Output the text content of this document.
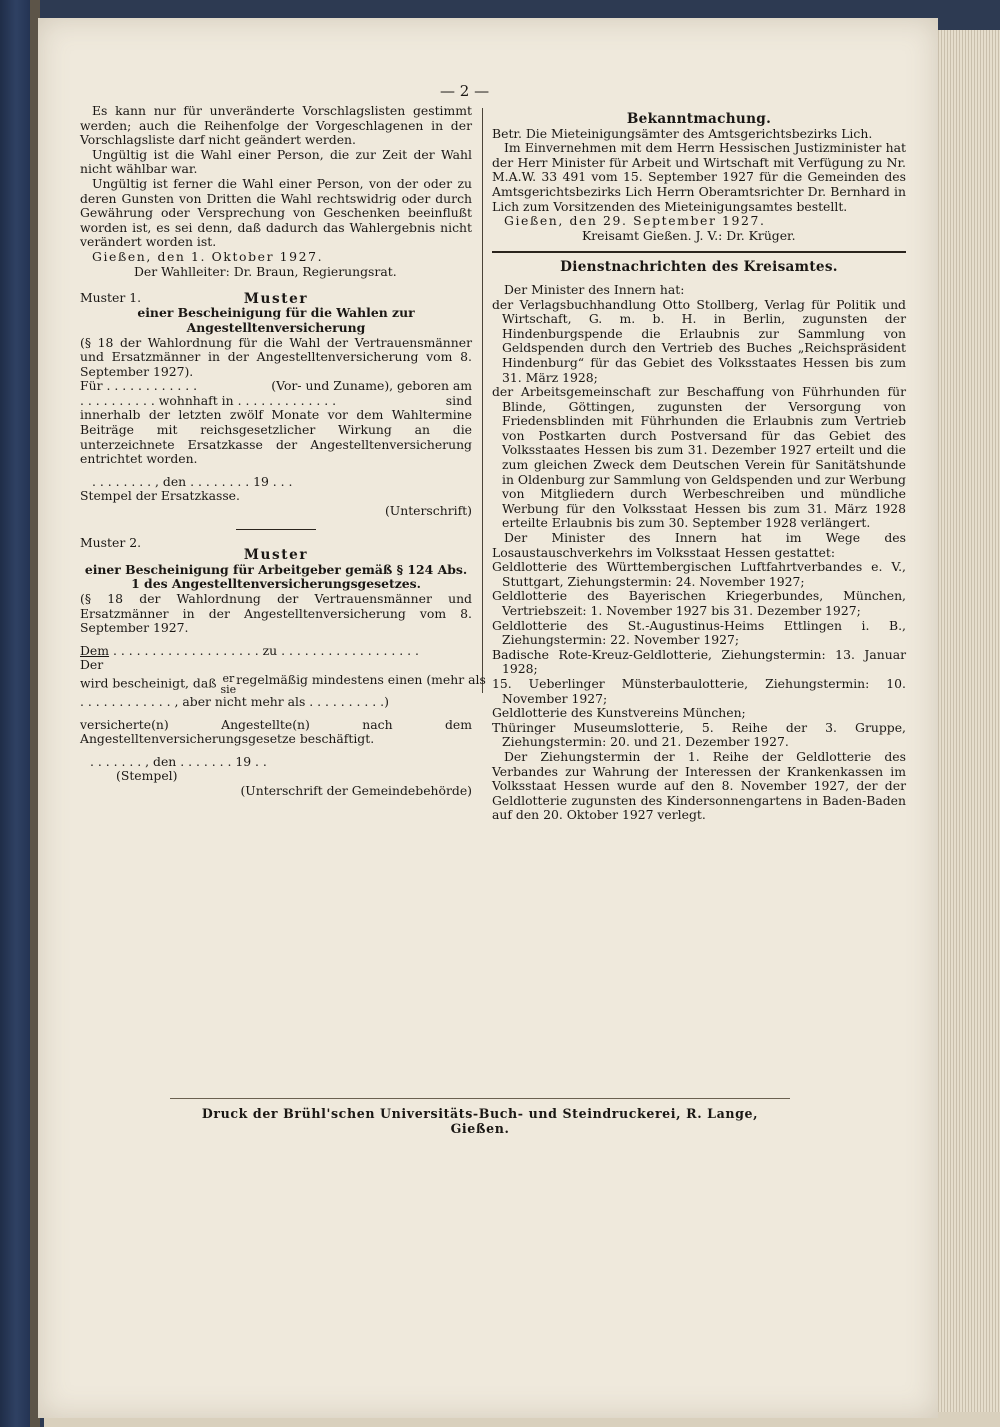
— 2 —

Es kann nur für unveränderte Vorschlagslisten gestimmt werden; auch die Reihenfolge der Vorgeschlagenen in der Vorschlagsliste darf nicht geändert werden.

Ungültig ist die Wahl einer Person, die zur Zeit der Wahl nicht wählbar war.

Ungültig ist ferner die Wahl einer Person, von der oder zu deren Gunsten von Dritten die Wahl rechtswidrig oder durch Gewährung oder Versprechung von Geschenken beeinflußt worden ist, es sei denn, daß dadurch das Wahlergebnis nicht verändert worden ist.

Gießen, den 1. Oktober 1927.

Der Wahlleiter: Dr. Braun, Regierungsrat.

Muster 1.	Muster

einer Bescheinigung für die Wahlen zur Angestelltenversicherung

(§ 18 der Wahlordnung für die Wahl der Vertrauensmänner und Ersatzmänner in der Angestelltenversicherung vom 8. September 1927).

Für . . . . . . . . . . . .	(Vor- und Zuname), geboren am
. . . . . . . . . . wohnhaft in . . . . . . . . . . . . .	sind

innerhalb der letzten zwölf Monate vor dem Wahltermine Beiträge mit reichsgesetzlicher Wirkung an die unterzeichnete Ersatzkasse der Angestelltenversicherung entrichtet worden.

. . . . . . . . , den . . . . . . . . 19 . . .

Stempel der Ersatzkasse.

(Unterschrift)

Muster 2.

Muster

einer Bescheinigung für Arbeitgeber gemäß § 124 Abs. 1 des Angestelltenversicherungsgesetzes.

(§ 18 der Wahlordnung der Vertrauensmänner und Ersatzmänner in der Angestelltenversicherung vom 8. September 1927.

Dem . . . . . . . . . . . . . . . . . . . zu . . . . . . . . . . . . . . . . . .

Der

wird bescheinigt, daß er
sie
regelmäßig mindestens einen (mehr als
. . . . . . . . . . . . , aber nicht mehr als . . . . . . . . . .)

versicherte(n) Angestellte(n) nach dem Angestelltenversicherungsgesetze beschäftigt.

. . . . . . . , den . . . . . . . 19 . .

(Stempel)

(Unterschrift der Gemeindebehörde)

Bekanntmachung.

Betr. Die Mieteinigungsämter des Amtsgerichtsbezirks Lich.

Im Einvernehmen mit dem Herrn Hessischen Justizminister hat der Herr Minister für Arbeit und Wirtschaft mit Verfügung zu Nr. M.A.W. 33 491 vom 15. September 1927 für die Gemeinden des Amtsgerichtsbezirks Lich Herrn Oberamtsrichter Dr. Bernhard in Lich zum Vorsitzenden des Mieteinigungsamtes bestellt.

Gießen, den 29. September 1927.

Kreisamt Gießen. J. V.: Dr. Krüger.

Dienstnachrichten des Kreisamtes.

Der Minister des Innern hat:

der Verlagsbuchhandlung Otto Stollberg, Verlag für Politik und Wirtschaft, G. m. b. H. in Berlin, zugunsten der Hindenburgspende die Erlaubnis zur Sammlung von Geldspenden durch den Vertrieb des Buches „Reichspräsident Hindenburg“ für das Gebiet des Volksstaates Hessen bis zum 31. März 1928;

der Arbeitsgemeinschaft zur Beschaffung von Führhunden für Blinde, Göttingen, zugunsten der Versorgung von Friedensblinden mit Führhunden die Erlaubnis zum Vertrieb von Postkarten durch Postversand für das Gebiet des Volksstaates Hessen bis zum 31. Dezember 1927 erteilt und die zum gleichen Zweck dem Deutschen Verein für Sanitätshunde in Oldenburg zur Sammlung von Geldspenden und zur Werbung von Mitgliedern durch Werbeschreiben und mündliche Werbung für den Volksstaat Hessen bis zum 31. März 1928 erteilte Erlaubnis bis zum 30. September 1928 verlängert.

Der Minister des Innern hat im Wege des Losaustauschverkehrs im Volksstaat Hessen gestattet:

Geldlotterie des Württembergischen Luftfahrtverbandes e. V., Stuttgart, Ziehungstermin: 24. November 1927;

Geldlotterie des Bayerischen Kriegerbundes, München, Vertriebszeit: 1. November 1927 bis 31. Dezember 1927;

Geldlotterie des St.-Augustinus-Heims Ettlingen i. B., Ziehungstermin: 22. November 1927;

Badische Rote-Kreuz-Geldlotterie, Ziehungstermin: 13. Januar 1928;

15. Ueberlinger Münsterbaulotterie, Ziehungstermin: 10. November 1927;

Geldlotterie des Kunstvereins München;

Thüringer Museumslotterie, 5. Reihe der 3. Gruppe, Ziehungstermin: 20. und 21. Dezember 1927.

Der Ziehungstermin der 1. Reihe der Geldlotterie des Verbandes zur Wahrung der Interessen der Krankenkassen im Volksstaat Hessen wurde auf den 8. November 1927, der der Geldlotterie zugunsten des Kindersonnengartens in Baden-Baden auf den 20. Oktober 1927 verlegt.

Druck der Brühl'schen Universitäts-Buch- und Steindruckerei, R. Lange, Gießen.
